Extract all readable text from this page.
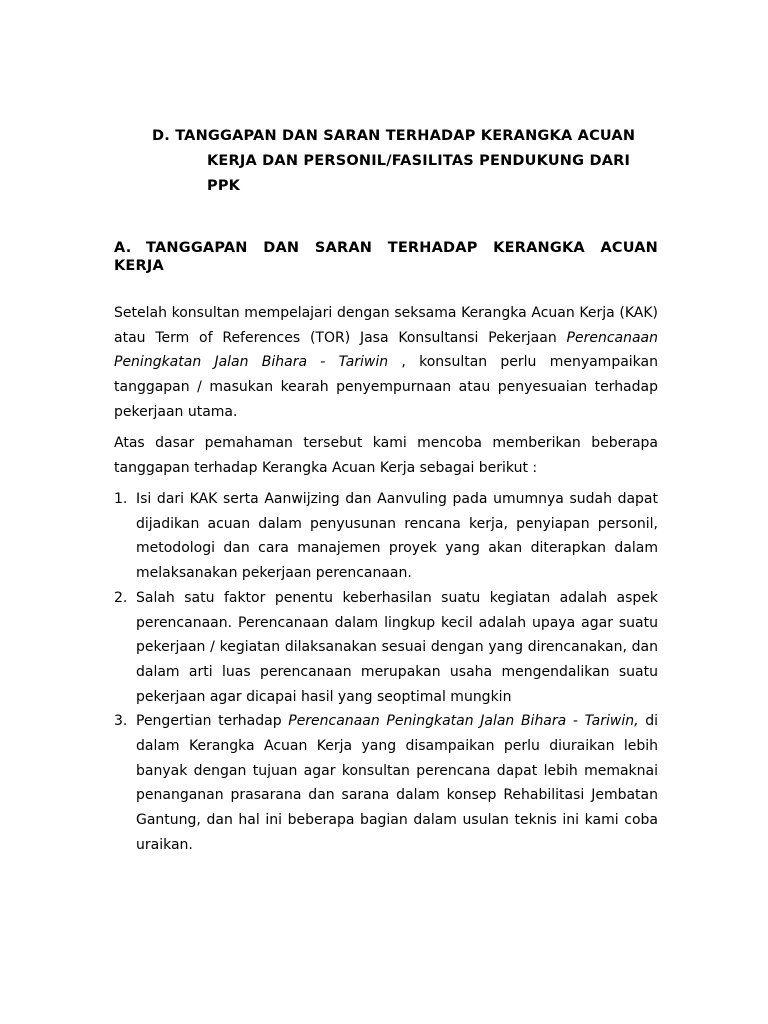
D. TANGGAPAN DAN SARAN TERHADAP KERANGKA ACUAN
KERJA DAN PERSONIL/FASILITAS PENDUKUNG DARI PPK
A. TANGGAPAN DAN SARAN TERHADAP KERANGKA ACUAN KERJA

Setelah konsultan mempelajari dengan seksama Kerangka Acuan Kerja (KAK) atau Term of References (TOR) Jasa Konsultansi Pekerjaan Perencanaan Peningkatan Jalan Bihara - Tariwin , konsultan perlu menyampaikan tanggapan / masukan kearah penyempurnaan atau penyesuaian terhadap pekerjaan utama.

Atas dasar pemahaman tersebut kami mencoba memberikan beberapa tanggapan terhadap Kerangka Acuan Kerja sebagai berikut :

1. Isi dari KAK serta Aanwijzing dan Aanvuling pada umumnya sudah dapat dijadikan acuan dalam penyusunan rencana kerja, penyiapan personil, metodologi dan cara manajemen proyek yang akan diterapkan dalam melaksanakan pekerjaan perencanaan.
2. Salah satu faktor penentu keberhasilan suatu kegiatan adalah aspek perencanaan. Perencanaan dalam lingkup kecil adalah upaya agar suatu pekerjaan / kegiatan dilaksanakan sesuai dengan yang direncanakan, dan dalam arti luas perencanaan merupakan usaha mengendalikan suatu pekerjaan agar dicapai hasil yang seoptimal mungkin
3. Pengertian terhadap Perencanaan Peningkatan Jalan Bihara - Tariwin, di dalam Kerangka Acuan Kerja yang disampaikan perlu diuraikan lebih banyak dengan tujuan agar konsultan perencana dapat lebih memaknai penanganan prasarana dan sarana dalam konsep Rehabilitasi Jembatan Gantung, dan hal ini beberapa bagian dalam usulan teknis ini kami coba uraikan.
